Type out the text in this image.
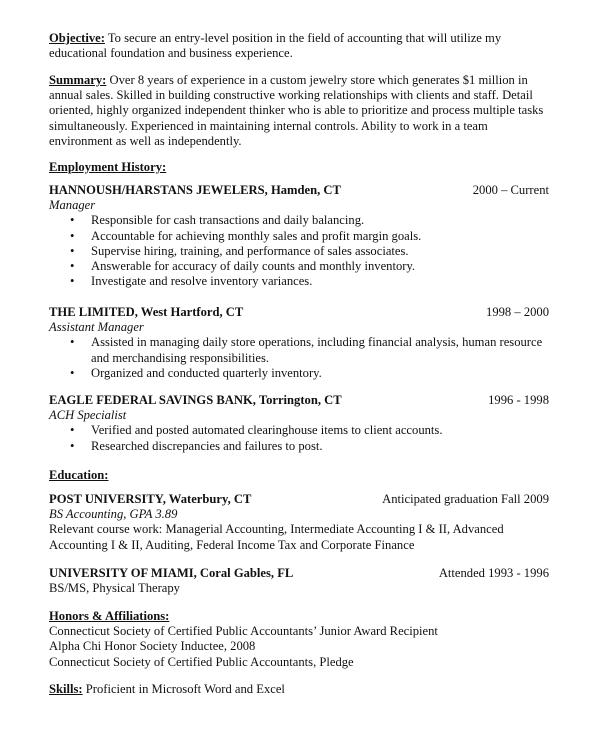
Objective: To secure an entry-level position in the field of accounting that will utilize my educational foundation and business experience.

Summary: Over 8 years of experience in a custom jewelry store which generates $1 million in annual sales. Skilled in building constructive working relationships with clients and staff. Detail oriented, highly organized independent thinker who is able to prioritize and process multiple tasks simultaneously. Experienced in maintaining internal controls. Ability to work in a team environment as well as independently.

Employment History:
HANNOUSH/HARSTANS JEWELERS, Hamden, CT	2000 – Current
Manager
• Responsible for cash transactions and daily balancing.
• Accountable for achieving monthly sales and profit margin goals.
• Supervise hiring, training, and performance of sales associates.
• Answerable for accuracy of daily counts and monthly inventory.
• Investigate and resolve inventory variances.
THE LIMITED, West Hartford, CT	1998 – 2000
Assistant Manager
• Assisted in managing daily store operations, including financial analysis, human resource and merchandising responsibilities.
• Organized and conducted quarterly inventory.
EAGLE FEDERAL SAVINGS BANK, Torrington, CT	1996 - 1998
ACH Specialist
• Verified and posted automated clearinghouse items to client accounts.
• Researched discrepancies and failures to post.
Education:
POST UNIVERSITY, Waterbury, CT	Anticipated graduation Fall 2009
BS Accounting, GPA 3.89

Relevant course work: Managerial Accounting, Intermediate Accounting I & II, Advanced Accounting I & II, Auditing, Federal Income Tax and Corporate Finance

UNIVERSITY OF MIAMI, Coral Gables, FL	Attended 1993 - 1996
BS/MS, Physical Therapy
Honors & Affiliations:
Connecticut Society of Certified Public Accountants’ Junior Award Recipient
Alpha Chi Honor Society Inductee, 2008
Connecticut Society of Certified Public Accountants, Pledge

Skills: Proficient in Microsoft Word and Excel
